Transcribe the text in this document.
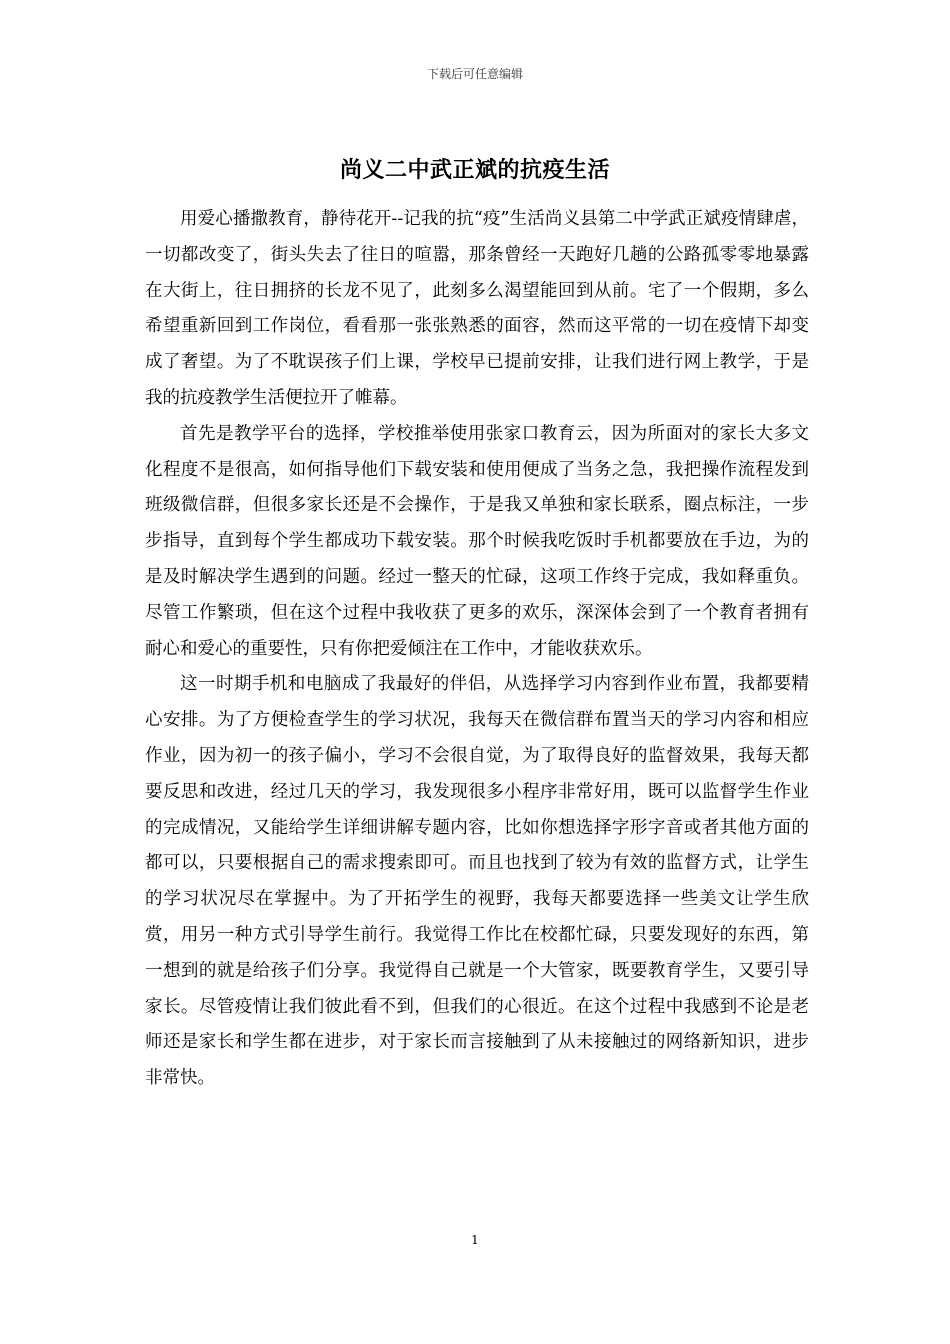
下载后可任意编辑
尚义二中武正斌的抗疫生活

用爱心播撒教育，静待花开--记我的抗“疫”生活尚义县第二中学武正斌疫情肆虐，一切都改变了，街头失去了往日的喧嚣，那条曾经一天跑好几趟的公路孤零零地暴露在大街上，往日拥挤的长龙不见了，此刻多么渴望能回到从前。宅了一个假期，多么希望重新回到工作岗位，看看那一张张熟悉的面容，然而这平常的一切在疫情下却变成了奢望。为了不耽误孩子们上课，学校早已提前安排，让我们进行网上教学，于是我的抗疫教学生活便拉开了帷幕。

首先是教学平台的选择，学校推举使用张家口教育云，因为所面对的家长大多文化程度不是很高，如何指导他们下载安装和使用便成了当务之急，我把操作流程发到班级微信群，但很多家长还是不会操作，于是我又单独和家长联系，圈点标注，一步步指导，直到每个学生都成功下载安装。那个时候我吃饭时手机都要放在手边，为的是及时解决学生遇到的问题。经过一整天的忙碌，这项工作终于完成，我如释重负。尽管工作繁琐，但在这个过程中我收获了更多的欢乐，深深体会到了一个教育者拥有耐心和爱心的重要性，只有你把爱倾注在工作中，才能收获欢乐。

这一时期手机和电脑成了我最好的伴侣，从选择学习内容到作业布置，我都要精心安排。为了方便检查学生的学习状况，我每天在微信群布置当天的学习内容和相应作业，因为初一的孩子偏小，学习不会很自觉，为了取得良好的监督效果，我每天都要反思和改进，经过几天的学习，我发现很多小程序非常好用，既可以监督学生作业的完成情况，又能给学生详细讲解专题内容，比如你想选择字形字音或者其他方面的都可以，只要根据自己的需求搜索即可。而且也找到了较为有效的监督方式，让学生的学习状况尽在掌握中。为了开拓学生的视野，我每天都要选择一些美文让学生欣赏，用另一种方式引导学生前行。我觉得工作比在校都忙碌，只要发现好的东西，第一想到的就是给孩子们分享。我觉得自己就是一个大管家，既要教育学生，又要引导家长。尽管疫情让我们彼此看不到，但我们的心很近。在这个过程中我感到不论是老师还是家长和学生都在进步，对于家长而言接触到了从未接触过的网络新知识，进步非常快。

1
